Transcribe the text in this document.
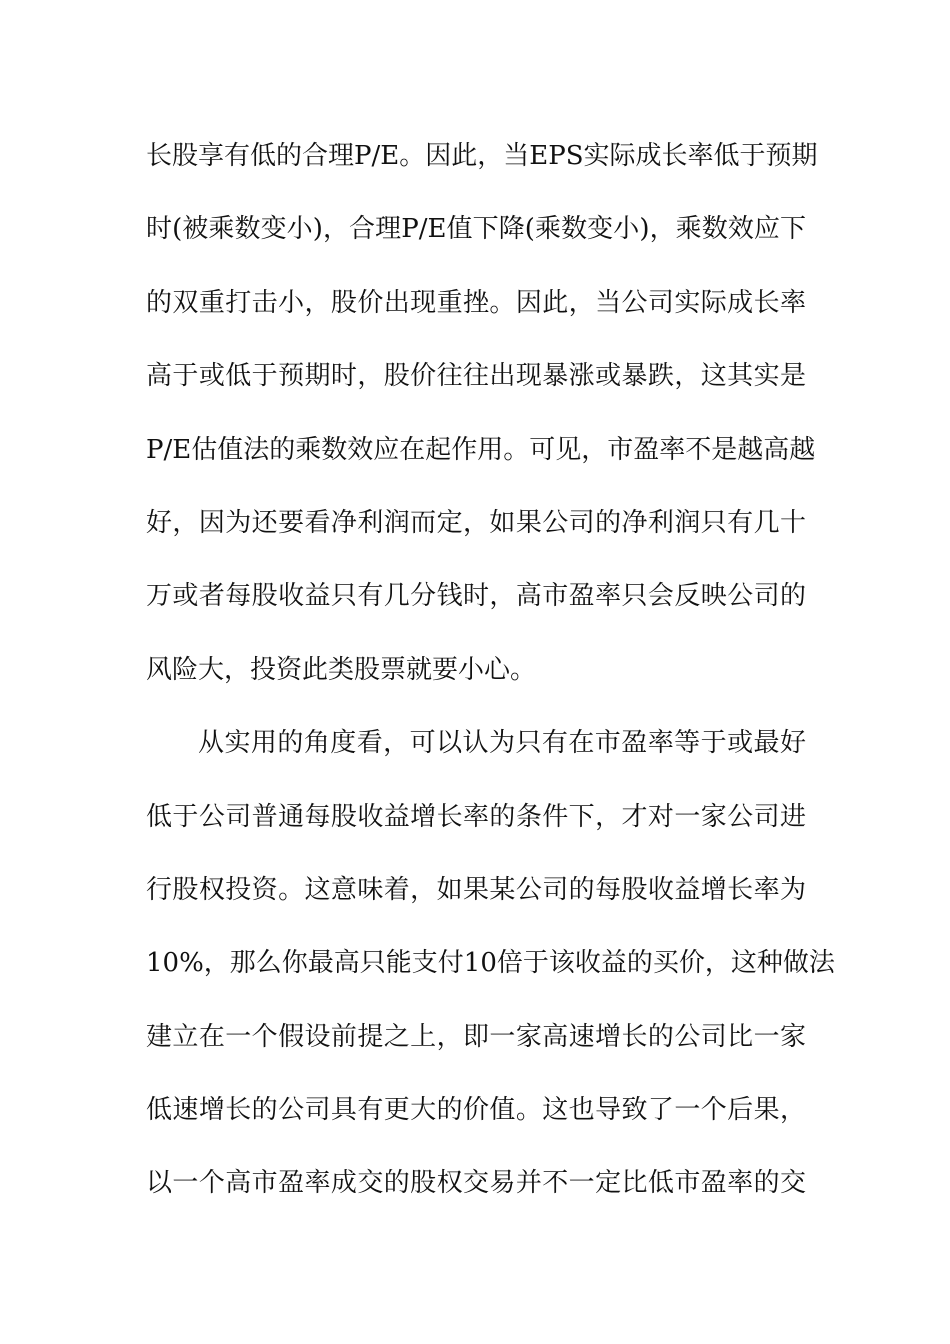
长股享有低的合理P/E。因此，当EPS实际成长率低于预期
时(被乘数变小)，合理P/E值下降(乘数变小)，乘数效应下
的双重打击小，股价出现重挫。因此，当公司实际成长率
高于或低于预期时，股价往往出现暴涨或暴跌，这其实是
P/E估值法的乘数效应在起作用。可见，市盈率不是越高越
好，因为还要看净利润而定，如果公司的净利润只有几十
万或者每股收益只有几分钱时，高市盈率只会反映公司的
风险大，投资此类股票就要小心。
从实用的角度看，可以认为只有在市盈率等于或最好
低于公司普通每股收益增长率的条件下，才对一家公司进
行股权投资。这意味着，如果某公司的每股收益增长率为
10%，那么你最高只能支付10倍于该收益的买价，这种做法
建立在一个假设前提之上，即一家高速增长的公司比一家
低速增长的公司具有更大的价值。这也导致了一个后果，
以一个高市盈率成交的股权交易并不一定比低市盈率的交
